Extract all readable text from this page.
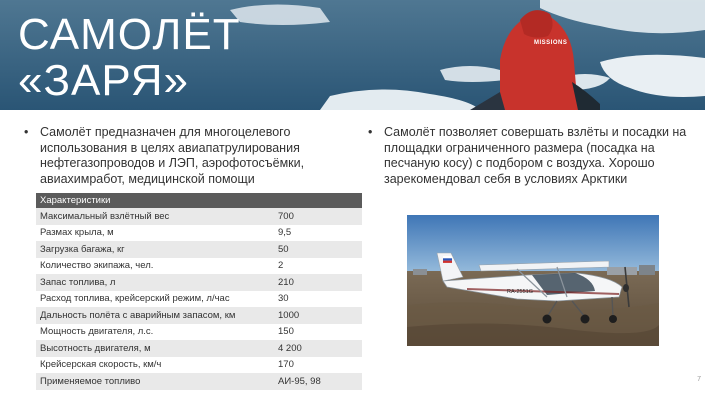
MISSIONS
САМОЛЁТ
«ЗАРЯ»
• Самолёт предназначен для многоцелевого использования в целях авиапатрулирования нефтегазопроводов и ЛЭП, аэрофотосъёмки, авиахимработ, медицинской помощи
• Самолёт позволяет совершать взлёты и посадки на площадки ограниченного размера (посадка на песчаную косу) с подбором с воздуха. Хорошо зарекомендовал себя в условиях Арктики
Характеристики	
Максимальный взлётный вес	700
Размах крыла, м	9,5
Загрузка багажа, кг	50
Количество экипажа, чел.	2
Запас топлива, л	210
Расход топлива, крейсерский режим, л/час	30
Дальность полёта с аварийным запасом, км	1000
Мощность двигателя, л.с.	150
Высотность двигателя, м	4 200
Крейсерская скорость, км/ч	170
Применяемое топливо	АИ-95, 98
RA-2551G
7
